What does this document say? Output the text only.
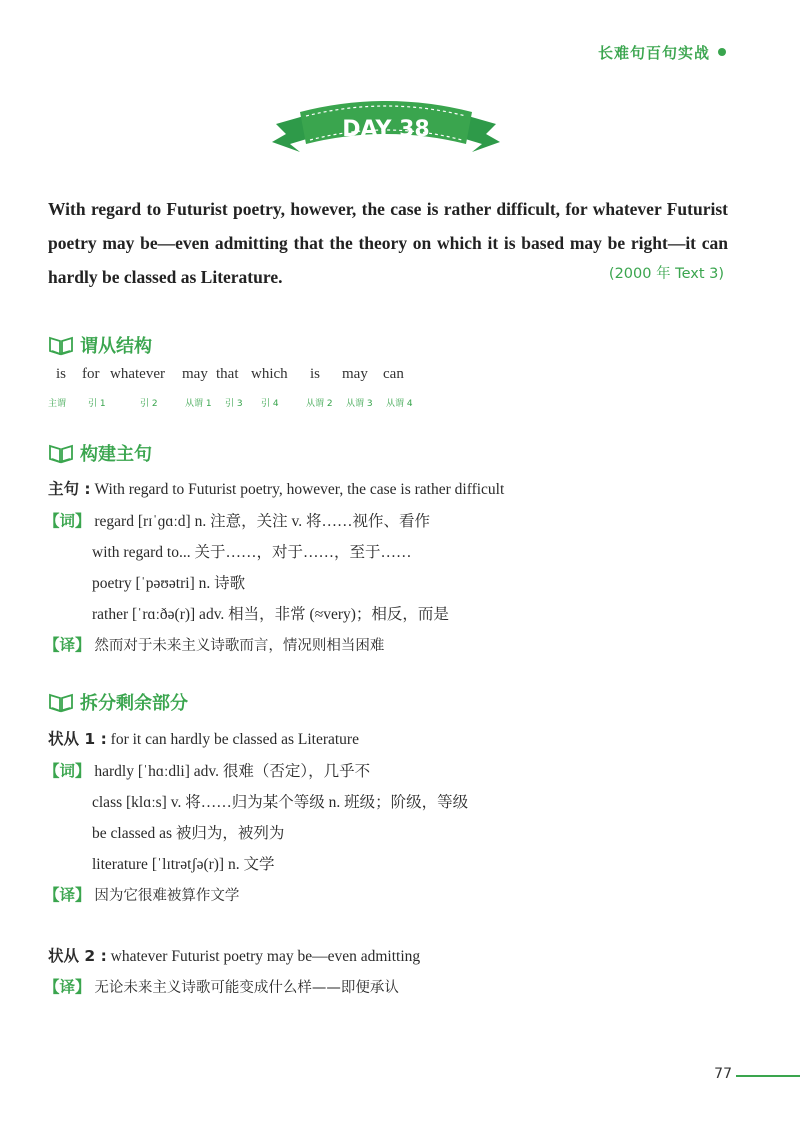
长难句百句实战
DAY 38
With regard to Futurist poetry, however, the case is rather difficult, for whatever Futurist poetry may be—even admitting that the theory on which it is based may be right—it can hardly be classed as Literature.	(2000 年 Text 3)
谓从结构
is for whatever may that which is may can
主谓 引 1	引 2	从谓 1 引 3 引 4	从谓 2 从谓 3 从谓 4
构建主句
主句 : With regard to Futurist poetry, however, the case is rather difficult
【词】 regard [rɪˈɡɑːd] n. 注意，关注 v. 将……视作、看作
with regard to... 关于……，对于……，至于……
poetry [ˈpəʊətri] n. 诗歌
rather [ˈrɑːðə(r)] adv. 相当，非常 (≈very)；相反，而是
【译】 然而对于未来主义诗歌而言，情况则相当困难
拆分剩余部分
状从 1 : for it can hardly be classed as Literature
【词】 hardly [ˈhɑːdli] adv. 很难（否定），几乎不
class [klɑːs] v. 将……归为某个等级 n. 班级；阶级，等级
be classed as 被归为，被列为
literature [ˈlɪtrətʃə(r)] n. 文学
【译】 因为它很难被算作文学
状从 2 : whatever Futurist poetry may be—even admitting
【译】 无论未来主义诗歌可能变成什么样——即便承认
77
